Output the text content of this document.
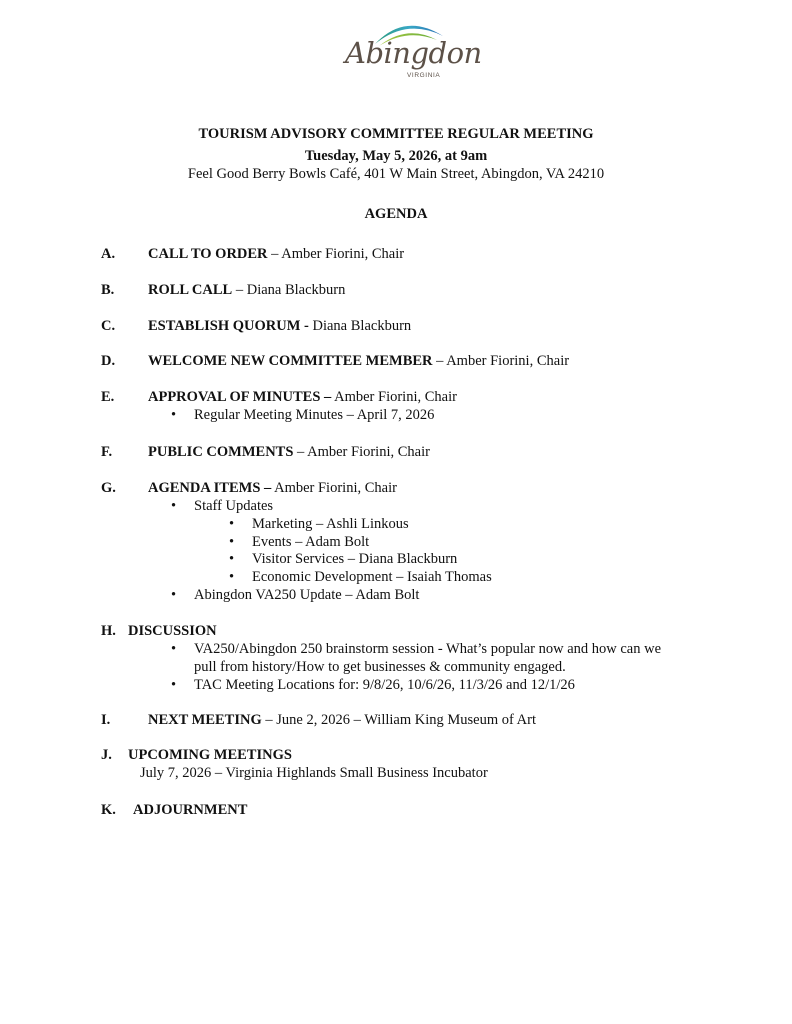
Abingdon
VIRGINIA
TOURISM ADVISORY COMMITTEE REGULAR MEETING
Tuesday, May 5, 2026, at 9am
Feel Good Berry Bowls Café, 401 W Main Street, Abingdon, VA 24210
AGENDA
A. CALL TO ORDER – Amber Fiorini, Chair
B. ROLL CALL – Diana Blackburn
C. ESTABLISH QUORUM - Diana Blackburn
D. WELCOME NEW COMMITTEE MEMBER – Amber Fiorini, Chair
E. APPROVAL OF MINUTES – Amber Fiorini, Chair
•
Regular Meeting Minutes – April 7, 2026
F. PUBLIC COMMENTS – Amber Fiorini, Chair
G. AGENDA ITEMS – Amber Fiorini, Chair
•
Staff Updates
•
Marketing – Ashli Linkous
•
Events – Adam Bolt
•
Visitor Services – Diana Blackburn
•
Economic Development – Isaiah Thomas
•
Abingdon VA250 Update – Adam Bolt
H. DISCUSSION
•
VA250/Abingdon 250 brainstorm session - What’s popular now and how can we
pull from history/How to get businesses & community engaged.
•
TAC Meeting Locations for: 9/8/26, 10/6/26, 11/3/26 and 12/1/26
I.	NEXT MEETING – June 2, 2026 – William King Museum of Art
J. UPCOMING MEETINGS
July 7, 2026 – Virginia Highlands Small Business Incubator
K. ADJOURNMENT
